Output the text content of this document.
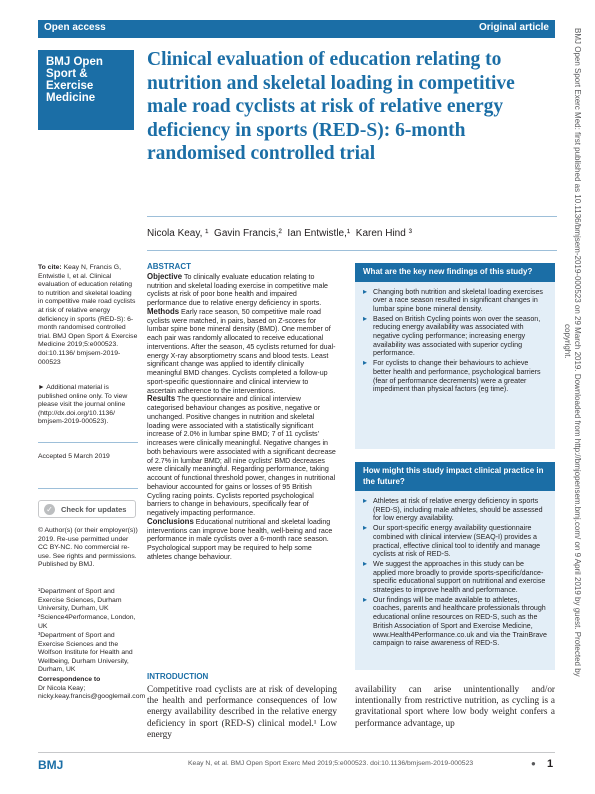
Open access	Original article
BMJ Open
Sport &
Exercise
Medicine
Clinical evaluation of education relating to nutrition and skeletal loading in competitive male road cyclists at risk of relative energy deficiency in sports (RED-S): 6-month randomised controlled trial
Nicola Keay, ¹  Gavin Francis,²  Ian Entwistle,¹  Karen Hind ³
To cite: Keay N, Francis G, Entwistle I, et al. Clinical evaluation of education relating to nutrition and skeletal loading in competitive male road cyclists at risk of relative energy deficiency in sports (RED-S): 6-month randomised controlled trial. BMJ Open Sport & Exercise Medicine 2019;5:e000523. doi:10.1136/ bmjsem-2019-000523
► Additional material is published online only. To view please visit the journal online (http://dx.doi.org/10.1136/ bmjsem-2019-000523).
Accepted 5 March 2019
✓ Check for updates
© Author(s) (or their employer(s)) 2019. Re-use permitted under CC BY-NC. No commercial re-use. See rights and permissions. Published by BMJ.
¹Department of Sport and Exercise Sciences, Durham University, Durham, UK
²Science4Performance, London, UK
³Department of Sport and Exercise Sciences and the Wolfson Institute for Health and Wellbeing, Durham University, Durham, UK
Correspondence to
Dr Nicola Keay; nicky.keay.francis@googlemail.com
ABSTRACT
Objective To clinically evaluate education relating to nutrition and skeletal loading exercise in competitive male cyclists at risk of poor bone health and impaired performance due to relative energy deficiency in sports.
Methods Early race season, 50 competitive male road cyclists were matched, in pairs, based on Z-scores for lumbar spine bone mineral density (BMD). One member of each pair was randomly allocated to receive educational interventions. After the season, 45 cyclists returned for dual-energy X-ray absorptiometry scans and blood tests. Least significant change was applied to identify clinically meaningful BMD changes. Cyclists completed a follow-up sport-specific questionnaire and clinical interview to ascertain adherence to the interventions.
Results The questionnaire and clinical interview categorised behaviour changes as positive, negative or unchanged. Positive changes in nutrition and skeletal loading were associated with a statistically significant increase of 2.0% in lumbar spine BMD; 7 of 11 cyclists' increases were clinically meaningful. Negative changes in both behaviours were associated with a significant decrease of 2.7% in lumbar BMD; all nine cyclists' BMD decreases were clinically meaningful. Regarding performance, taking account of functional threshold power, changes in nutritional behaviour accounted for gains or losses of 95 British Cycling racing points. Cyclists reported psychological barriers to change in behaviours, specifically fear of negatively impacting performance.
Conclusions Educational nutritional and skeletal loading interventions can improve bone health, well-being and race performance in male cyclists over a 6-month race season. Psychological support may be required to help some athletes change behaviour.
What are the key new findings of this study?
▸ Changing both nutrition and skeletal loading exercises over a race season resulted in significant changes in lumbar spine bone mineral density.
▸ Based on British Cycling points won over the season, reducing energy availability was associated with negative cycling performance; increasing energy availability was associated with superior cycling performance.
▸ For cyclists to change their behaviours to achieve better health and performance, psychological barriers (fear of performance decrements) were a greater impediment than physical factors (eg time).
How might this study impact clinical practice in the future?
▸ Athletes at risk of relative energy deficiency in sports (RED-S), including male athletes, should be assessed for low energy availability.
▸ Our sport-specific energy availability questionnaire combined with clinical interview (SEAQ-I) provides a practical, effective clinical tool to identify and manage cyclists at risk of RED-S.
▸ We suggest the approaches in this study can be applied more broadly to provide sports-specific/dance-specific educational support on nutritional and exercise strategies to improve health and performance.
▸ Our findings will be made available to athletes, coaches, parents and healthcare professionals through educational online resources on RED-S, such as the British Association of Sport and Exercise Medicine, www.Health4Performance.co.uk and via the TrainBrave campaign to raise awareness of RED-S.
INTRODUCTION
Competitive road cyclists are at risk of developing the health and performance consequences of low energy availability described in the relative energy deficiency in sport (RED-S) clinical model.¹ Low energy
availability can arise unintentionally and/or intentionally from restrictive nutrition, as cycling is a gravitational sport where low body weight confers a performance advantage, up
BMJ Open Sport Exerc Med: first published as 10.1136/bmjsem-2019-000523 on 29 March 2019. Downloaded from http://bmjopensem.bmj.com/ on 9 April 2019 by guest. Protected by
copyright.
BMJ	Keay N, et al. BMJ Open Sport Exerc Med 2019;5:e000523. doi:10.1136/bmjsem-2019-000523	● 1
